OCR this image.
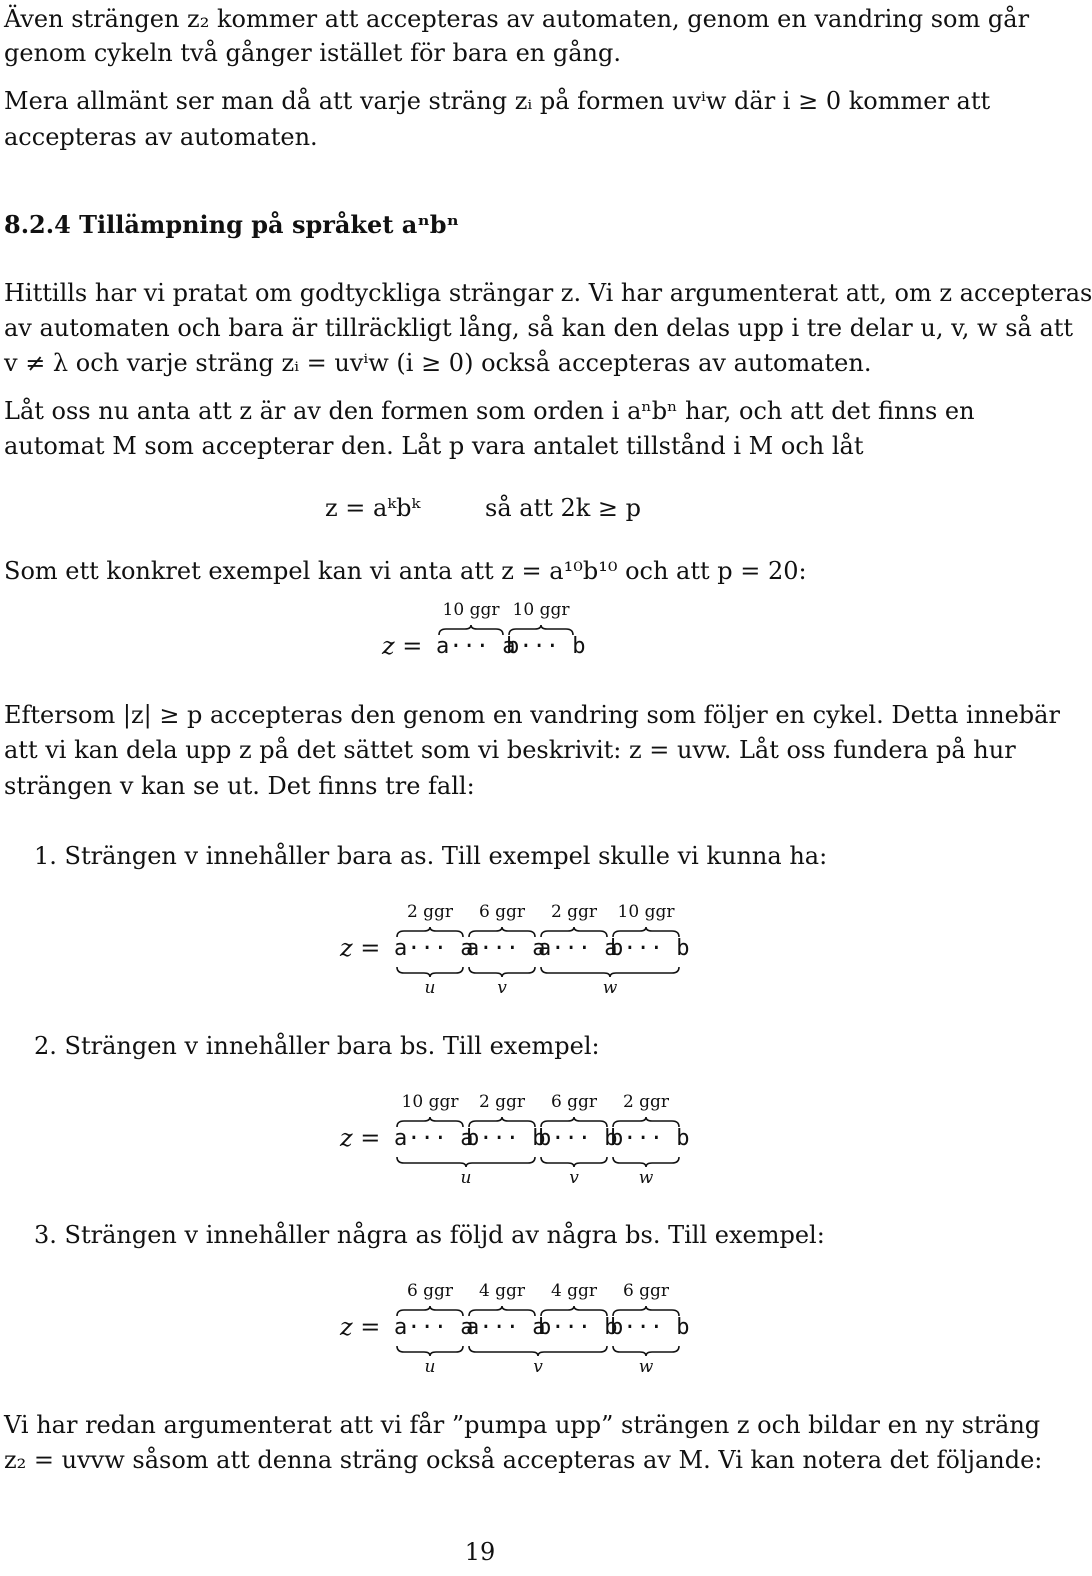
Även strängen z₂ kommer att accepteras av automaten, genom en vandring som går
genom cykeln två gånger istället för bara en gång.
Mera allmänt ser man då att varje sträng zᵢ på formen uvⁱw där i ≥ 0 kommer att
accepteras av automaten.
8.2.4 Tillämpning på språket aⁿbⁿ
Hittills har vi pratat om godtyckliga strängar z. Vi har argumenterat att, om z accepteras
av automaten och bara är tillräckligt lång, så kan den delas upp i tre delar u, v, w så att
v ≠ λ och varje sträng zᵢ = uvⁱw (i ≥ 0) också accepteras av automaten.
Låt oss nu anta att z är av den formen som orden i aⁿbⁿ har, och att det finns en
automat M som accepterar den. Låt p vara antalet tillstånd i M och låt
z = aᵏbᵏ	så att 2k ≥ p
Som ett konkret exempel kan vi anta att z = a¹⁰b¹⁰ och att p = 20:
z = a··· a
10 ggr
b··· b
10 ggr
Eftersom |z| ≥ p accepteras den genom en vandring som följer en cykel. Detta innebär
att vi kan dela upp z på det sättet som vi beskrivit: z = uvw. Låt oss fundera på hur
strängen v kan se ut. Det finns tre fall:
1. Strängen v innehåller bara as. Till exempel skulle vi kunna ha:
z = a··· a
2 ggr
a··· a
6 ggr
a··· a
2 ggr
b··· b
10 ggr
u	v	w
2. Strängen v innehåller bara bs. Till exempel:
z = a··· a
10 ggr
b··· b
2 ggr
b··· b
6 ggr
b··· b
2 ggr
u	v	w
3. Strängen v innehåller några as följd av några bs. Till exempel:
z = a··· a
6 ggr
a··· a
4 ggr
b··· b
4 ggr
b··· b
6 ggr
u	v	w
Vi har redan argumenterat att vi får ”pumpa upp” strängen z och bildar en ny sträng
z₂ = uvvw såsom att denna sträng också accepteras av M. Vi kan notera det följande:
19
